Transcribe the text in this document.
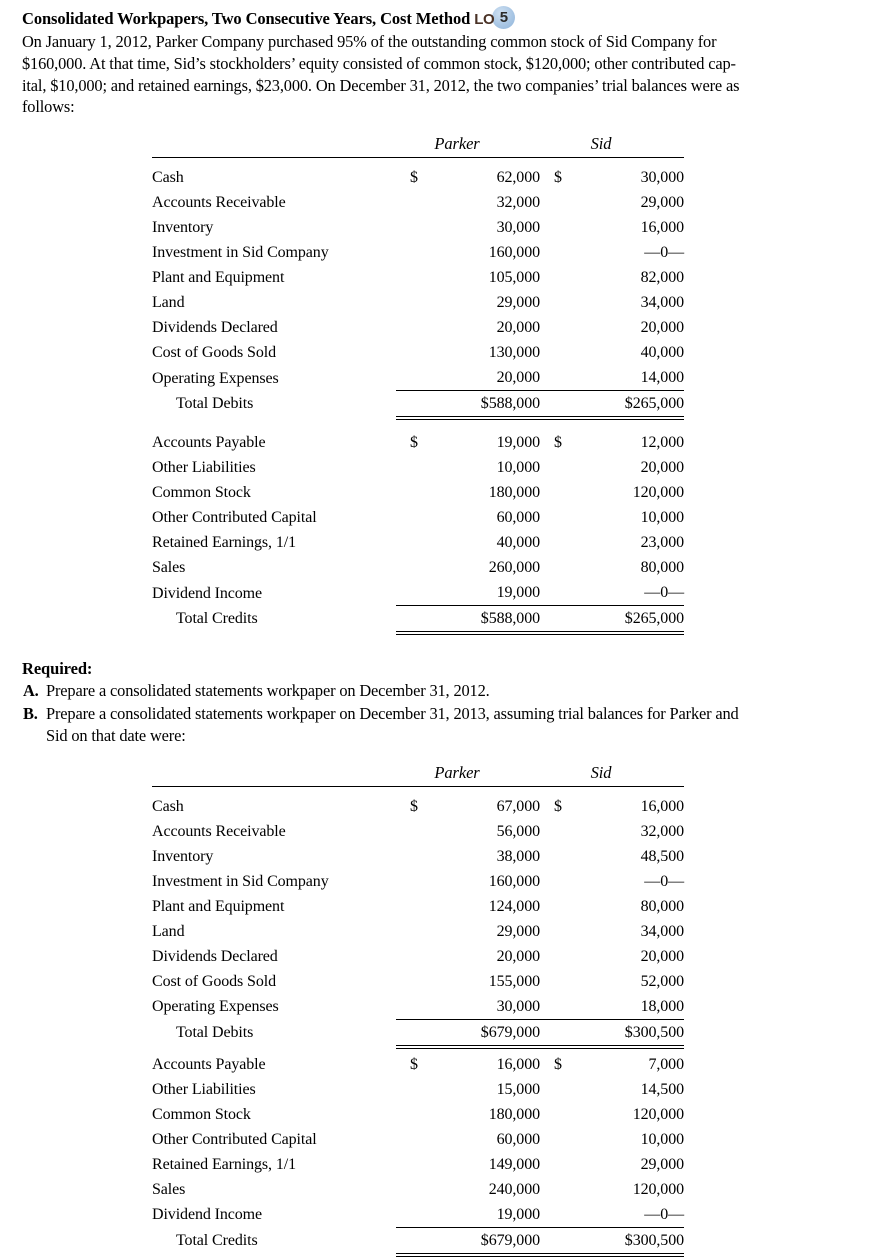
Consolidated Workpapers, Two Consecutive Years, Cost Method LO 5

On January 1, 2012, Parker Company purchased 95% of the outstanding common stock of Sid Company for
$160,000. At that time, Sid’s stockholders’ equity consisted of common stock, $120,000; other contributed cap-
ital, $10,000; and retained earnings, $23,000. On December 31, 2012, the two companies’ trial balances were as
follows:

	Parker	Sid

Cash	$ 62,000	$ 30,000
Accounts Receivable	32,000	29,000
Inventory	30,000	16,000
Investment in Sid Company	160,000	—0—
Plant and Equipment	105,000	82,000
Land	29,000	34,000
Dividends Declared	20,000	20,000
Cost of Goods Sold	130,000	40,000
Operating Expenses	20,000	14,000
Total Debits	$588,000	$265,000

Accounts Payable	$ 19,000	$ 12,000
Other Liabilities	10,000	20,000
Common Stock	180,000	120,000
Other Contributed Capital	60,000	10,000
Retained Earnings, 1/1	40,000	23,000
Sales	260,000	80,000
Dividend Income	19,000	—0—
Total Credits	$588,000	$265,000
Required:
A. Prepare a consolidated statements workpaper on December 31, 2012.
B. Prepare a consolidated statements workpaper on December 31, 2013, assuming trial balances for Parker and
Sid on that date were:
	Parker	Sid

Cash	$ 67,000	$ 16,000
Accounts Receivable	56,000	32,000
Inventory	38,000	48,500
Investment in Sid Company	160,000	—0—
Plant and Equipment	124,000	80,000
Land	29,000	34,000
Dividends Declared	20,000	20,000
Cost of Goods Sold	155,000	52,000
Operating Expenses	30,000	18,000
Total Debits	$679,000	$300,500

Accounts Payable	$ 16,000	$ 7,000
Other Liabilities	15,000	14,500
Common Stock	180,000	120,000
Other Contributed Capital	60,000	10,000
Retained Earnings, 1/1	149,000	29,000
Sales	240,000	120,000
Dividend Income	19,000	—0—
Total Credits	$679,000	$300,500
